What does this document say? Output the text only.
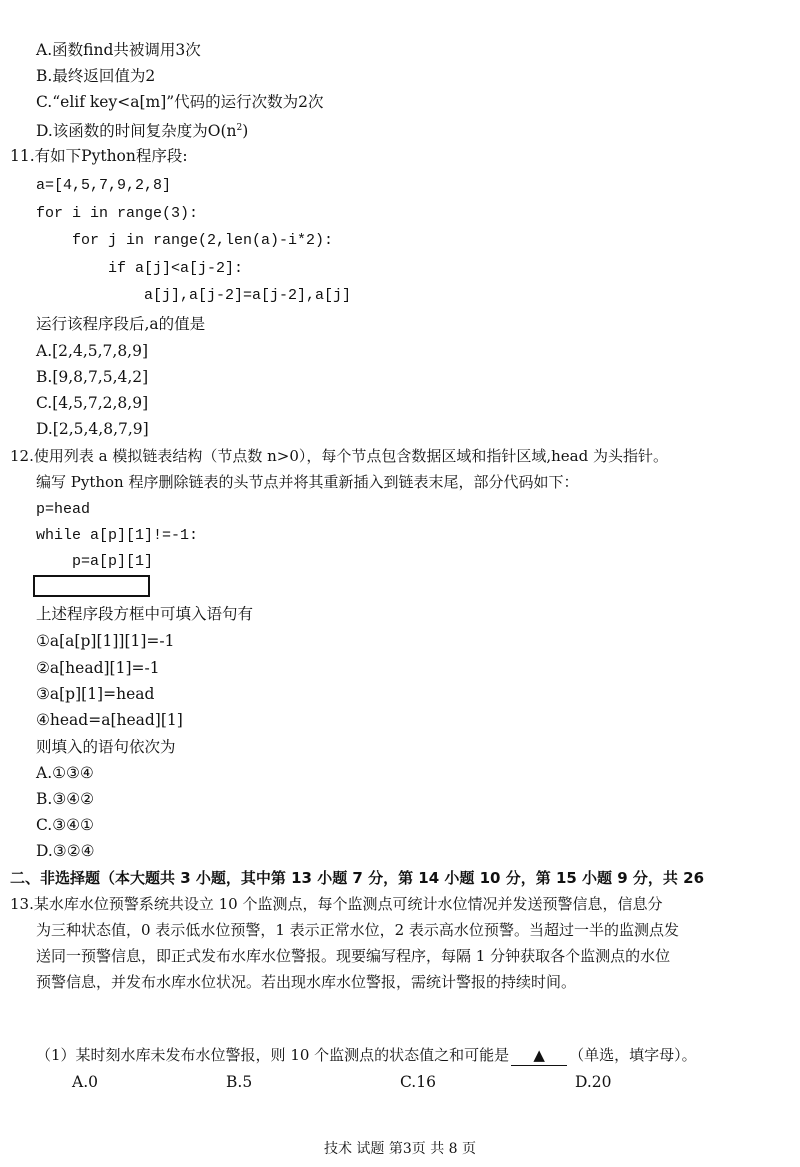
A.函数find共被调用3次
B.最终返回值为2
C.“elif key<a[m]”代码的运行次数为2次
D.该函数的时间复杂度为$O(n^2)$
11.有如下Python程序段:
a=[4,5,7,9,2,8]
for i in range(3):
for j in range(2,len(a)-i*2):
if a[j]<a[j-2]:
a[j],a[j-2]=a[j-2],a[j]
运行该程序段后,a的值是
A.[2,4,5,7,8,9]
B.[9,8,7,5,4,2]
C.[4,5,7,2,8,9]
D.[2,5,4,8,7,9]
12.使用列表 a 模拟链表结构（节点数 n>0），每个节点包含数据区域和指针区域,head 为头指针。
编写 Python 程序删除链表的头节点并将其重新插入到链表末尾，部分代码如下：
p=head
while a[p][1]!=-1:
p=a[p][1]
上述程序段方框中可填入语句有
①a[a[p][1]][1]=-1
②a[head][1]=-1
③a[p][1]=head
④head=a[head][1]
则填入的语句依次为
A.①③④
B.③④②
C.③④①
D.③②④
二、非选择题（本大题共 3 小题，其中第 13 小题 7 分，第 14 小题 10 分，第 15 小题 9 分，共 26
13.某水库水位预警系统共设立 10 个监测点，每个监测点可统计水位情况并发送预警信息，信息分
为三种状态值，0 表示低水位预警，1 表示正常水位，2 表示高水位预警。当超过一半的监测点发
送同一预警信息，即正式发布水库水位警报。现要编写程序，每隔 1 分钟获取各个监测点的水位
预警信息，并发布水库水位状况。若出现水库水位警报，需统计警报的持续时间。
（1）某时刻水库未发布水位警报，则 10 个监测点的状态值之和可能是 ▲ （单选，填字母）。
A.0	B.5	C.16	D.20
技术 试题 第3页 共 8 页
